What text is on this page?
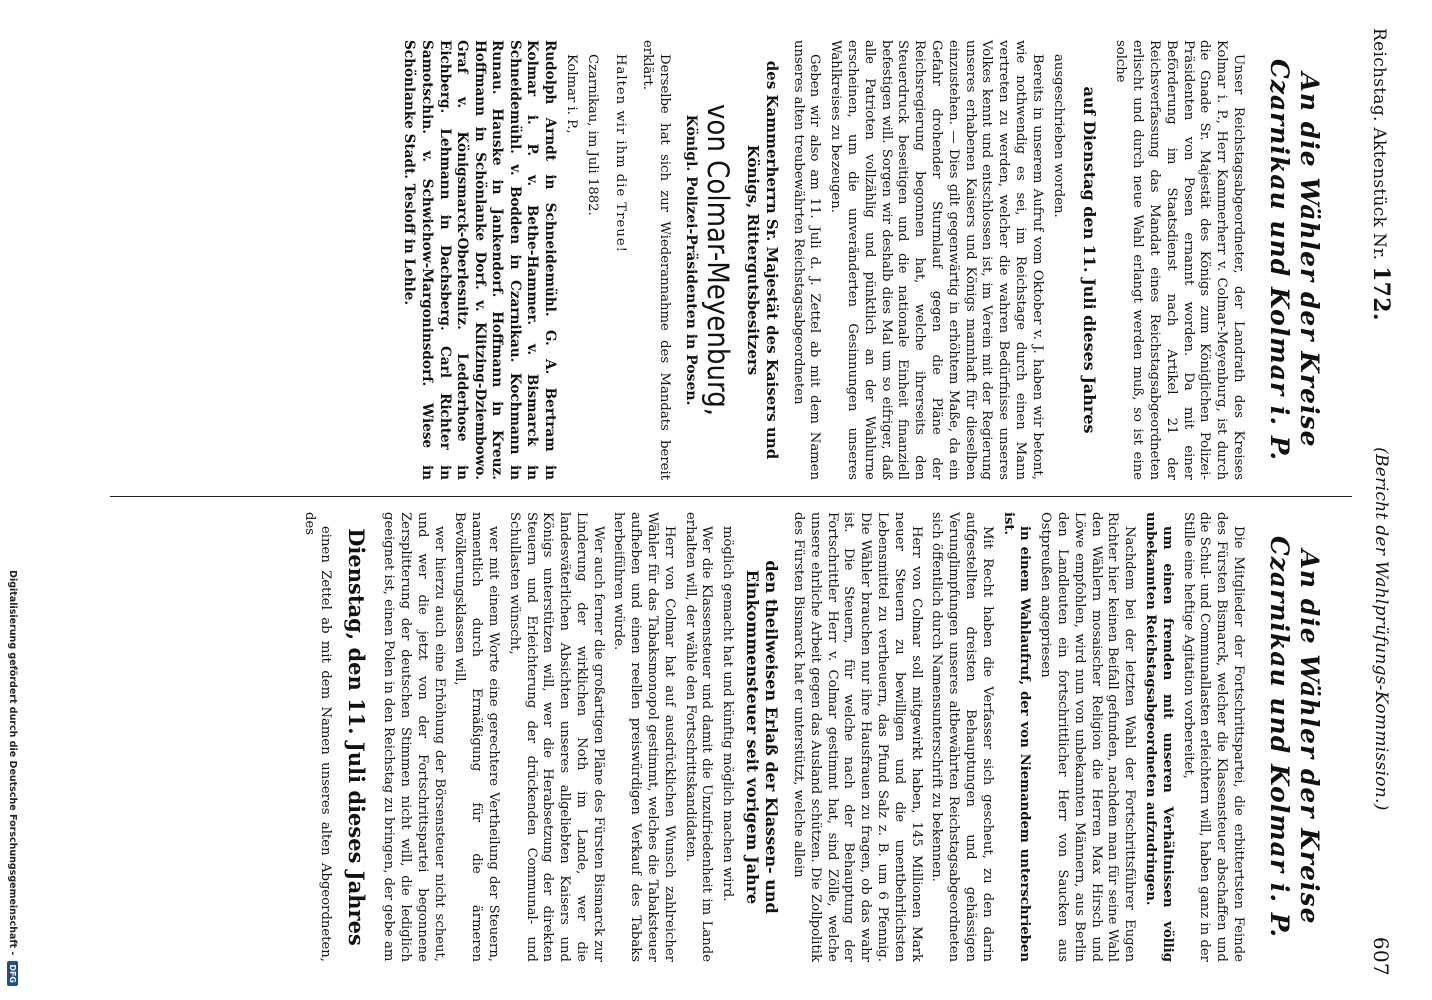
Reichstag. Aktenstück Nr. 172.
(Bericht der Wahlprüfungs-Kommission.)
607
An die Wähler der Kreise Czarnikau und Kolmar i. P.

Unser Reichstagsabgeordneter, der Landrath des Kreises Kolmar i. P., Herr Kammerherr v. Colmar-Meyenburg, ist durch die Gnade Sr. Majestät des Königs zum Königlichen Polizei-Präsidenten von Posen ernannt worden. Da mit einer Beförderung im Staatsdienst nach Artikel 21 der Reichsverfassung das Mandat eines Reichstagsabgeordneten erlischt und durch neue Wahl erlangt werden muß, so ist eine solche

auf Dienstag den 11. Juli dieses Jahres

ausgeschrieben worden.

Bereits in unserem Aufruf vom Oktober v. J. haben wir betont, wie nothwendig es sei, im Reichstage durch einen Mann vertreten zu werden, welcher die wahren Bedürfnisse unseres Volkes kennt und entschlossen ist, im Verein mit der Regierung unseres erhabenen Kaisers und Königs mannhaft für dieselben einzustehen. — Dies gilt gegenwärtig in erhöhtem Maße, da ein Gefahr drohender Sturmlauf gegen die Pläne der Reichsregierung begonnen hat, welche ihrerseits den Steuerdruck beseitigen und die nationale Einheit finanziell befestigen will. Sorgen wir deshalb dies Mal um so eifriger, daß alle Patrioten vollzählig und pünktlich an der Wahlurne erscheinen, um die unveränderten Gesinnungen unseres Wahlkreises zu bezeugen.

Geben wir also am 11. Juli d. J. Zettel ab mit dem Namen unseres alten treubewährten Reichstagsabgeordneten

des Kammerherrn Sr. Majestät des Kaisers und Königs, Rittergutsbesitzers
von Colmar-Meyenburg,
Königl. Polizei-Präsidenten in Posen.

Derselbe hat sich zur Wiederannahme des Mandats bereit erklärt.

Halten wir ihm die Treue!

Czarnikau, im Juli 1882.

Kolmar i. P.,

Rudolph Arndt in Schneidemühl. G. A. Bertram in Kolmar i. P. v. Bethe-Hammer. v. Bismarck in Schneidemühl. v. Bodden in Czarnikau. Kochmann in Runau. Hauske in Jankendorf. Hoffmann in Kreuz. Hoffmann in Schönlanke Dorf. v. Klitzing-Dziembowo. Graf v. Königsmarck-Oberlesnitz. Ledderhose in Eichberg. Lehmann in Dachsberg. Carl Richter in Samotschin. v. Schwichow-Margoninsdorf. Wiese in Schönlanke Stadt. Tesloff in Lehle.

An die Wähler der Kreise Czarnikau und Kolmar i. P.

Die Mitglieder der Fortschrittspartei, die erbittertsten Feinde des Fürsten Bismarck, welcher die Klassensteuer abschaffen und die Schul- und Communallasten erleichtern will, haben ganz in der Stille eine heftige Agitation vorbereitet,

um einen fremden mit unseren Verhältnissen völlig unbekannten Reichstagsabgeordneten aufzudringen.

Nachdem bei der letzten Wahl der Fortschrittsführer Eugen Richter hier keinen Beifall gefunden, nachdem man für seine Wahl den Wählern mosaischer Religion die Herren Max Hirsch und Löwe empfohlen, wird nun von unbekannten Männern, aus Berlin den Landleuten ein fortschrittlicher Herr von Saucken aus Ostpreußen angepriesen

in einem Wahlaufruf, der von Niemandem unterschrieben ist.

Mit Recht haben die Verfasser sich gescheut, zu den darin aufgestellten dreisten Behauptungen und gehässigen Verunglimpfungen unseres altbewährten Reichstagsabgeordneten sich öffentlich durch Namensunterschrift zu bekennen.

Herr von Colmar soll mitgewirkt haben, 145 Millionen Mark neuer Steuern zu bewilligen und die unentbehrlichsten Lebensmittel zu vertheuern, das Pfund Salz z. B. um 6 Pfennig. Die Wähler brauchen nur ihre Hausfrauen zu fragen, ob das wahr ist. Die Steuern, für welche nach der Behauptung der Fortschrittler Herr v. Colmar gestimmt hat, sind Zölle, welche unsere ehrliche Arbeit gegen das Ausland schützen. Die Zollpolitik des Fürsten Bismarck hat er unterstützt, welche allein

den theilweisen Erlaß der Klassen- und Einkommensteuer seit vorigem Jahre

möglich gemacht hat und künftig möglich machen wird.

Wer die Klassensteuer und damit die Unzufriedenheit im Lande erhalten will, der wähle den Fortschrittskandidaten.

Herr von Colmar hat auf ausdrücklichen Wunsch zahlreicher Wähler für das Tabaksmonopol gestimmt, welches die Tabaksteuer aufheben und einen reellen preiswürdigen Verkauf des Tabaks herbeiführen würde.

Wer auch ferner die großartigen Pläne des Fürsten Bismarck zur Linderung der wirklichen Noth im Lande, wer die landesväterlichen Absichten unseres allgeliebten Kaisers und Königs unterstützen will, wer die Herabsetzung der direkten Steuern und Erleichterung der drückenden Communal- und Schullasten wünscht,

wer mit einem Worte eine gerechtere Vertheilung der Steuern, namentlich durch Ermäßigung für die ärmeren Bevölkerungsklassen will,

wer hierzu auch eine Erhöhung der Börsensteuer nicht scheut, und wer die jetzt von der Fortschrittspartei begonnene Zersplitterung der deutschen Stimmen nicht will, die lediglich geeignet ist, einen Polen in den Reichstag zu bringen, der gebe am

Dienstag, den 11. Juli dieses Jahres

einen Zettel ab mit dem Namen unseres alten Abgeordneten, des

Digitalisierung gefördert durch die Deutsche Forschungsgemeinschaft -
DFG
